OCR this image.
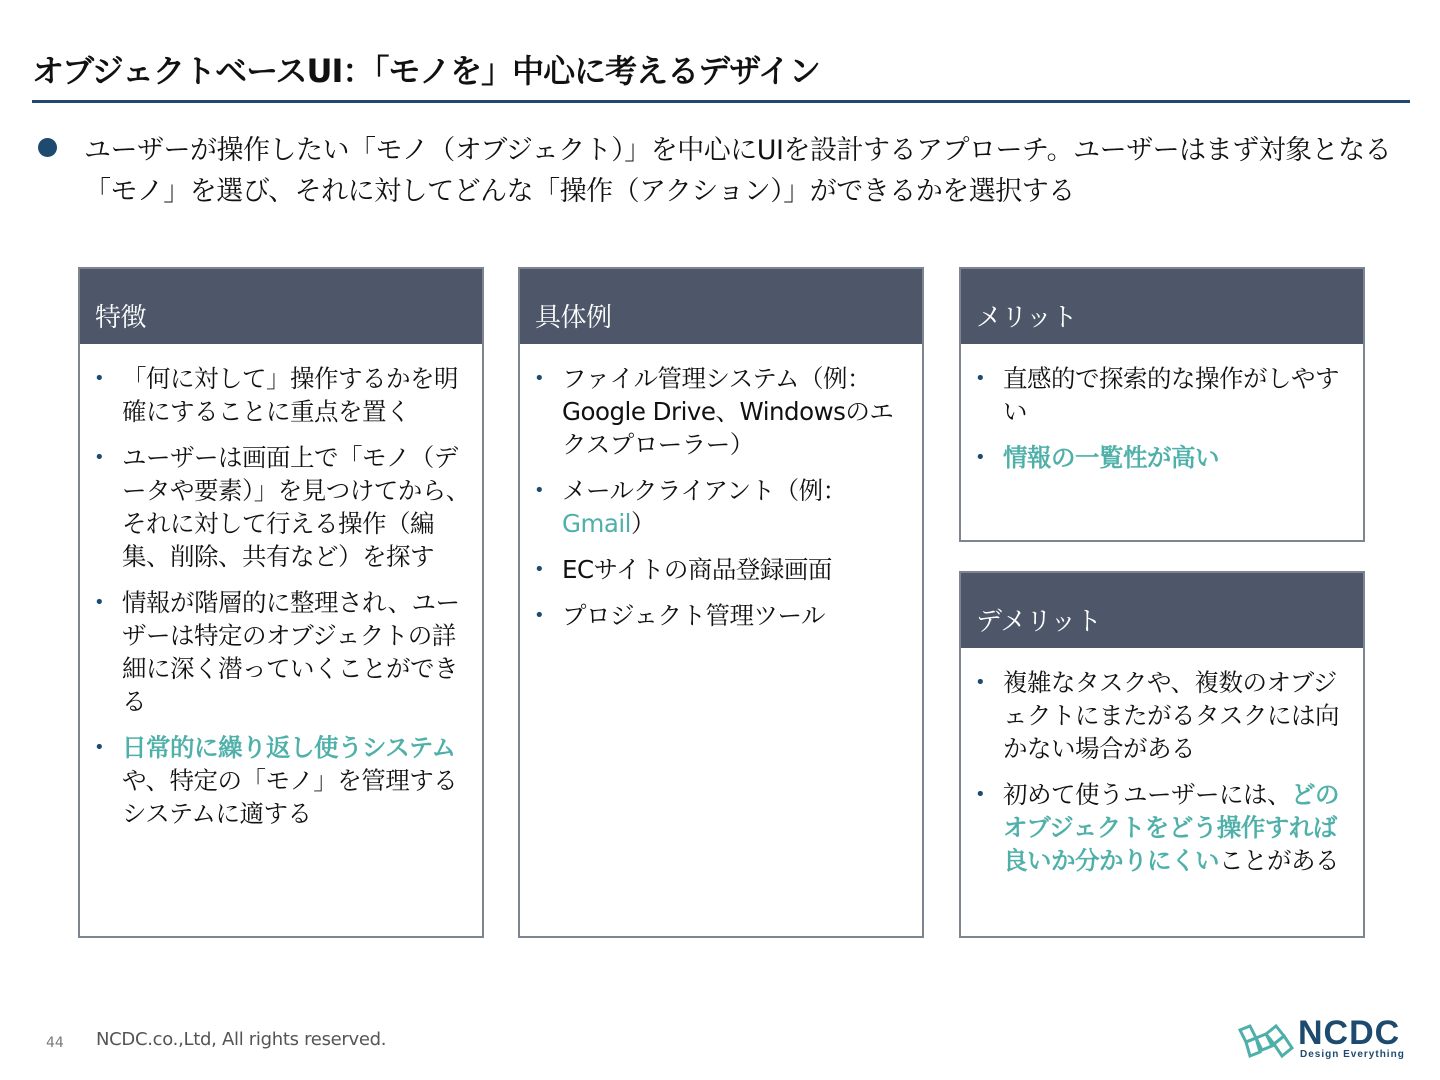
オブジェクトベースUI：「モノを」中心に考えるデザイン

ユーザーが操作したい「モノ（オブジェクト）」を中心にUIを設計するアプローチ。ユーザーはまず対象となる「モノ」を選び、それに対してどんな「操作（アクション）」ができるかを選択する

特徴
• 「何に対して」操作するかを明確にすることに重点を置く
• ユーザーは画面上で「モノ（データや要素）」を見つけてから、それに対して行える操作（編集、削除、共有など）を探す
• 情報が階層的に整理され、ユーザーは特定のオブジェクトの詳細に深く潜っていくことができる
• 日常的に繰り返し使うシステムや、特定の「モノ」を管理するシステムに適する
具体例
• ファイル管理システム（例：Google Drive、Windowsのエクスプローラー）
• メールクライアント（例：Gmail）
• ECサイトの商品登録画面
• プロジェクト管理ツール
メリット
• 直感的で探索的な操作がしやすい
• 情報の一覧性が高い
デメリット
• 複雑なタスクや、複数のオブジェクトにまたがるタスクには向かない場合がある
• 初めて使うユーザーには、どのオブジェクトをどう操作すれば良いか分かりにくいことがある
44 NCDC.co.,Ltd, All rights reserved.	NCDC
Design Everything
